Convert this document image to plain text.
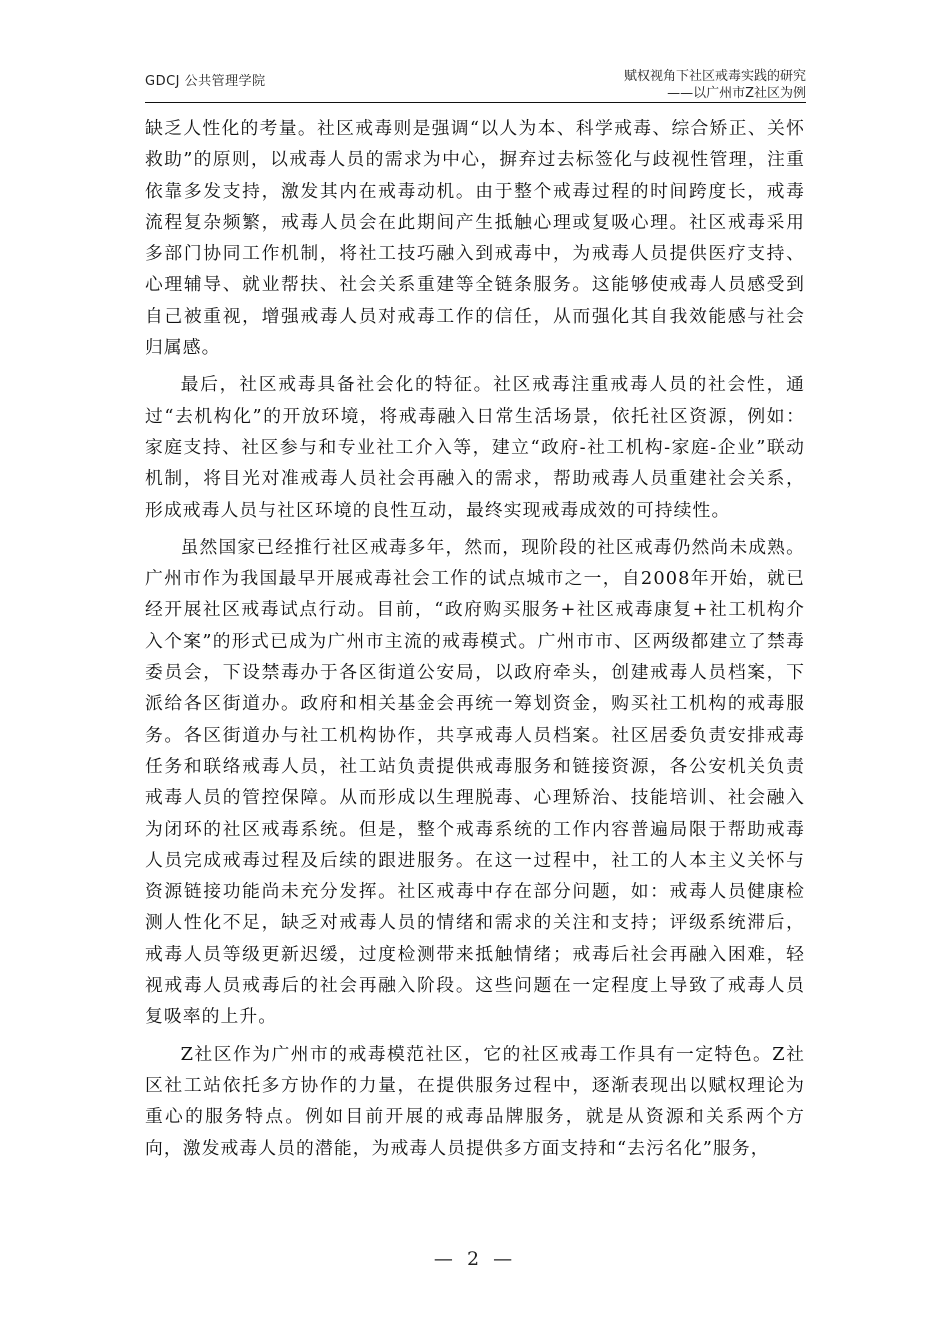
GDCJ 公共管理学院	赋权视角下社区戒毒实践的研究
——以广州市Z社区为例

缺乏人性化的考量。社区戒毒则是强调“以人为本、科学戒毒、综合矫正、关怀救助”的原则，以戒毒人员的需求为中心，摒弃过去标签化与歧视性管理，注重依靠多发支持，激发其内在戒毒动机。由于整个戒毒过程的时间跨度长，戒毒流程复杂频繁，戒毒人员会在此期间产生抵触心理或复吸心理。社区戒毒采用多部门协同工作机制，将社工技巧融入到戒毒中，为戒毒人员提供医疗支持、心理辅导、就业帮扶、社会关系重建等全链条服务。这能够使戒毒人员感受到自己被重视，增强戒毒人员对戒毒工作的信任，从而强化其自我效能感与社会归属感。

最后，社区戒毒具备社会化的特征。社区戒毒注重戒毒人员的社会性，通过“去机构化”的开放环境，将戒毒融入日常生活场景，依托社区资源，例如：家庭支持、社区参与和专业社工介入等，建立“政府-社工机构-家庭-企业”联动机制，将目光对准戒毒人员社会再融入的需求，帮助戒毒人员重建社会关系，形成戒毒人员与社区环境的良性互动，最终实现戒毒成效的可持续性。

虽然国家已经推行社区戒毒多年，然而，现阶段的社区戒毒仍然尚未成熟。广州市作为我国最早开展戒毒社会工作的试点城市之一，自2008年开始，就已经开展社区戒毒试点行动。目前，“政府购买服务+社区戒毒康复+社工机构介入个案”的形式已成为广州市主流的戒毒模式。广州市市、区两级都建立了禁毒委员会，下设禁毒办于各区街道公安局，以政府牵头，创建戒毒人员档案，下派给各区街道办。政府和相关基金会再统一筹划资金，购买社工机构的戒毒服务。各区街道办与社工机构协作，共享戒毒人员档案。社区居委负责安排戒毒任务和联络戒毒人员，社工站负责提供戒毒服务和链接资源，各公安机关负责戒毒人员的管控保障。从而形成以生理脱毒、心理矫治、技能培训、社会融入为闭环的社区戒毒系统。但是，整个戒毒系统的工作内容普遍局限于帮助戒毒人员完成戒毒过程及后续的跟进服务。在这一过程中，社工的人本主义关怀与资源链接功能尚未充分发挥。社区戒毒中存在部分问题，如：戒毒人员健康检测人性化不足，缺乏对戒毒人员的情绪和需求的关注和支持；评级系统滞后，戒毒人员等级更新迟缓，过度检测带来抵触情绪；戒毒后社会再融入困难，轻视戒毒人员戒毒后的社会再融入阶段。这些问题在一定程度上导致了戒毒人员复吸率的上升。

Z社区作为广州市的戒毒模范社区，它的社区戒毒工作具有一定特色。Z社区社工站依托多方协作的力量，在提供服务过程中，逐渐表现出以赋权理论为重心的服务特点。例如目前开展的戒毒品牌服务，就是从资源和关系两个方向，激发戒毒人员的潜能，为戒毒人员提供多方面支持和“去污名化”服务，

— 2 —
